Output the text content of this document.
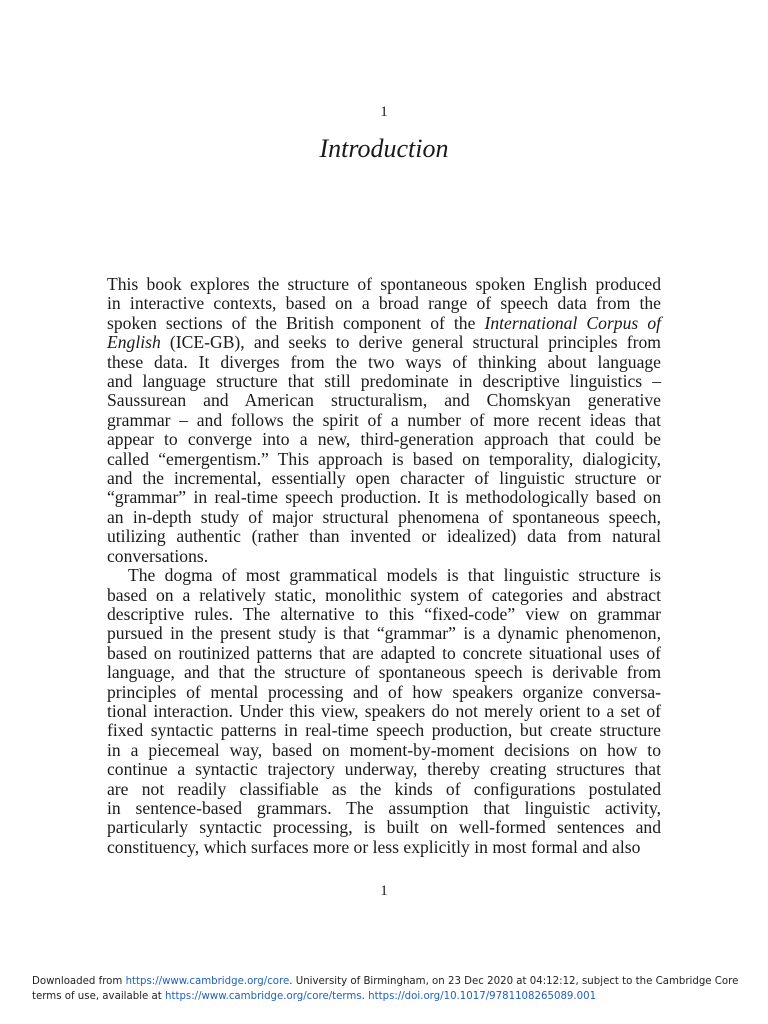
1
Introduction
This book explores the structure of spontaneous spoken English produced
in interactive contexts, based on a broad range of speech data from the
spoken sections of the British component of the International Corpus of
English (ICE-GB), and seeks to derive general structural principles from
these data. It diverges from the two ways of thinking about language
and language structure that still predominate in descriptive linguistics –
Saussurean and American structuralism, and Chomskyan generative
grammar – and follows the spirit of a number of more recent ideas that
appear to converge into a new, third-generation approach that could be
called “emergentism.” This approach is based on temporality, dialogicity,
and the incremental, essentially open character of linguistic structure or
“grammar” in real-time speech production. It is methodologically based on
an in-depth study of major structural phenomena of spontaneous speech,
utilizing authentic (rather than invented or idealized) data from natural
conversations.
The dogma of most grammatical models is that linguistic structure is
based on a relatively static, monolithic system of categories and abstract
descriptive rules. The alternative to this “fixed-code” view on grammar
pursued in the present study is that “grammar” is a dynamic phenomenon,
based on routinized patterns that are adapted to concrete situational uses of
language, and that the structure of spontaneous speech is derivable from
principles of mental processing and of how speakers organize conversa-
tional interaction. Under this view, speakers do not merely orient to a set of
fixed syntactic patterns in real-time speech production, but create structure
in a piecemeal way, based on moment-by-moment decisions on how to
continue a syntactic trajectory underway, thereby creating structures that
are not readily classifiable as the kinds of configurations postulated
in sentence-based grammars. The assumption that linguistic activity,
particularly syntactic processing, is built on well-formed sentences and
constituency, which surfaces more or less explicitly in most formal and also
1
Downloaded from https://www.cambridge.org/core. University of Birmingham, on 23 Dec 2020 at 04:12:12, subject to the Cambridge Core
terms of use, available at https://www.cambridge.org/core/terms. https://doi.org/10.1017/9781108265089.001
